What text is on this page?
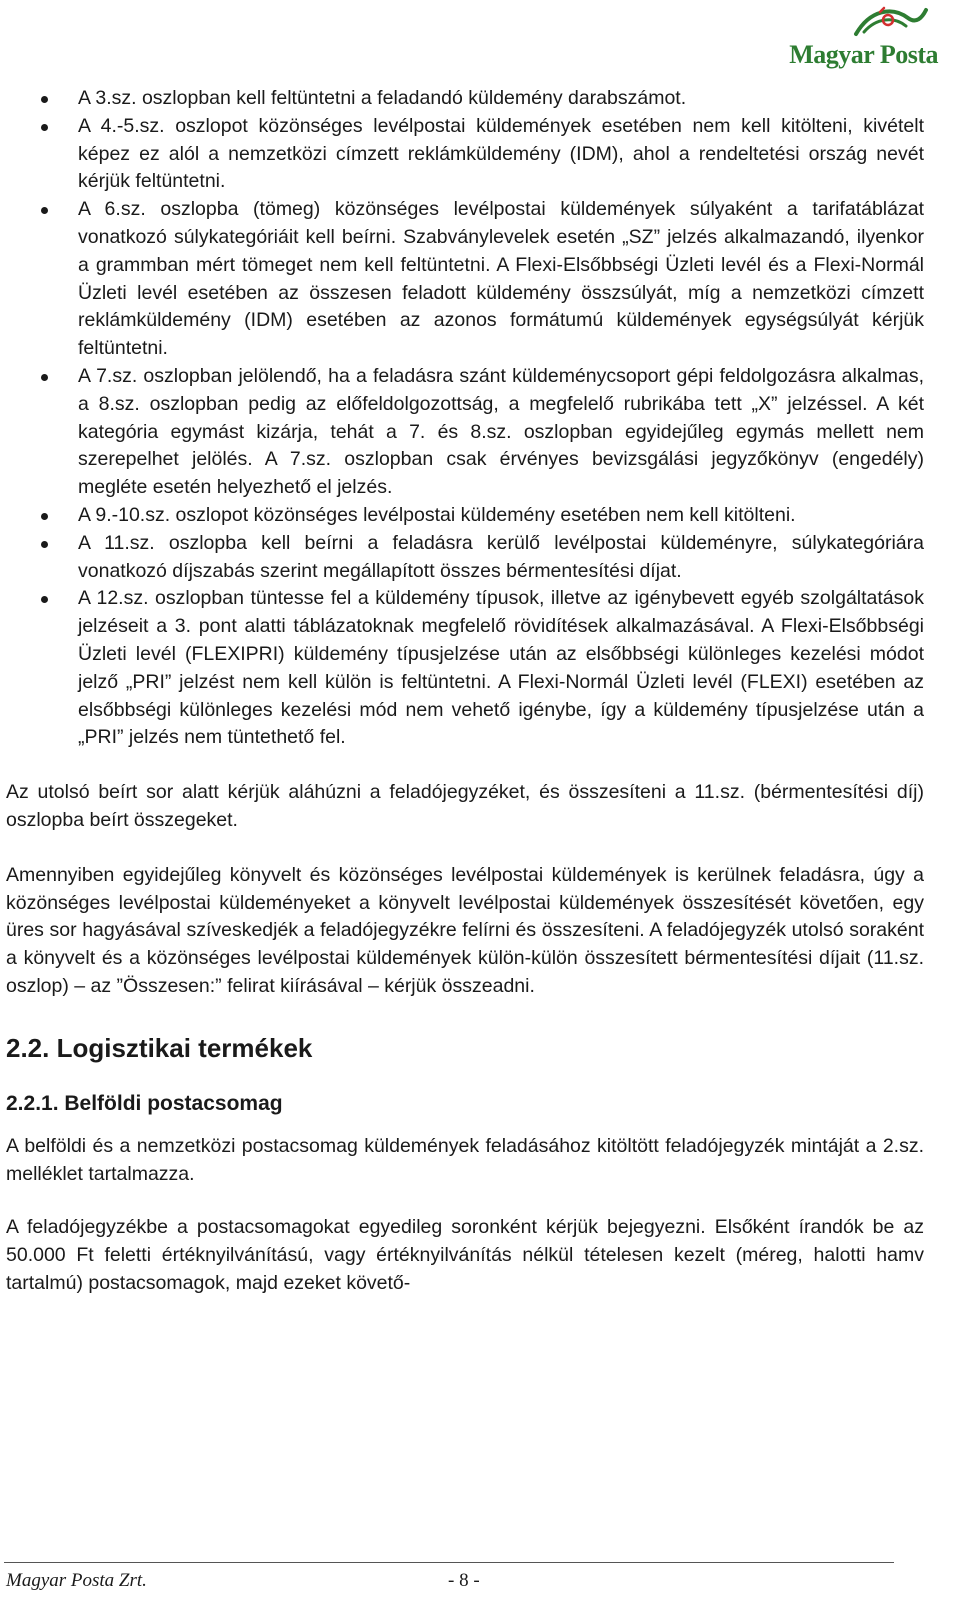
Magyar Posta
A 3.sz. oszlopban kell feltüntetni a feladandó küldemény darabszámot.
A 4.-5.sz. oszlopot közönséges levélpostai küldemények esetében nem kell kitölteni, kivételt képez ez alól a nemzetközi címzett reklámküldemény (IDM), ahol a rendeltetési ország nevét kérjük feltüntetni.
A 6.sz. oszlopba (tömeg) közönséges levélpostai küldemények súlyaként a tarifatáblázat vonatkozó súlykategóriáit kell beírni. Szabványlevelek esetén „SZ” jelzés alkalmazandó, ilyenkor a grammban mért tömeget nem kell feltüntetni. A Flexi-Elsőbbségi Üzleti levél és a Flexi-Normál Üzleti levél esetében az összesen feladott küldemény összsúlyát, míg a nemzetközi címzett reklámküldemény (IDM) esetében az azonos formátumú küldemények egységsúlyát kérjük feltüntetni.
A 7.sz. oszlopban jelölendő, ha a feladásra szánt küldeménycsoport gépi feldolgozásra alkalmas, a 8.sz. oszlopban pedig az előfeldolgozottság, a megfelelő rubrikába tett „X” jelzéssel. A két kategória egymást kizárja, tehát a 7. és 8.sz. oszlopban egyidejűleg egymás mellett nem szerepelhet jelölés. A 7.sz. oszlopban csak érvényes bevizsgálási jegyzőkönyv (engedély) megléte esetén helyezhető el jelzés.
A 9.-10.sz. oszlopot közönséges levélpostai küldemény esetében nem kell kitölteni.
A 11.sz. oszlopba kell beírni a feladásra kerülő levélpostai küldeményre, súlykategóriára vonatkozó díjszabás szerint megállapított összes bérmentesítési díjat.
A 12.sz. oszlopban tüntesse fel a küldemény típusok, illetve az igénybevett egyéb szolgáltatások jelzéseit a 3. pont alatti táblázatoknak megfelelő rövidítések alkalmazásával. A Flexi-Elsőbbségi Üzleti levél (FLEXIPRI) küldemény típusjelzése után az elsőbbségi különleges kezelési módot jelző „PRI” jelzést nem kell külön is feltüntetni. A Flexi-Normál Üzleti levél (FLEXI) esetében az elsőbbségi különleges kezelési mód nem vehető igénybe, így a küldemény típusjelzése után a „PRI” jelzés nem tüntethető fel.

Az utolsó beírt sor alatt kérjük aláhúzni a feladójegyzéket, és összesíteni a 11.sz. (bérmentesítési díj) oszlopba beírt összegeket.

Amennyiben egyidejűleg könyvelt és közönséges levélpostai küldemények is kerülnek feladásra, úgy a közönséges levélpostai küldeményeket a könyvelt levélpostai küldemények összesítését követően, egy üres sor hagyásával szíveskedjék a feladójegyzékre felírni és összesíteni. A feladójegyzék utolsó soraként a könyvelt és a közönséges levélpostai küldemények külön-külön összesített bérmentesítési díjait (11.sz. oszlop) – az ”Összesen:” felirat kiírásával – kérjük összeadni.

2.2. Logisztikai termékek
2.2.1. Belföldi postacsomag

A belföldi és a nemzetközi postacsomag küldemények feladásához kitöltött feladójegyzék mintáját a 2.sz. melléklet tartalmazza.

A feladójegyzékbe a postacsomagokat egyedileg soronként kérjük bejegyezni. Elsőként írandók be az 50.000 Ft feletti értéknyilvánítású, vagy értéknyilvánítás nélkül tételesen kezelt (méreg, halotti hamv tartalmú) postacsomagok, majd ezeket követő-

Magyar Posta Zrt.	- 8 -
